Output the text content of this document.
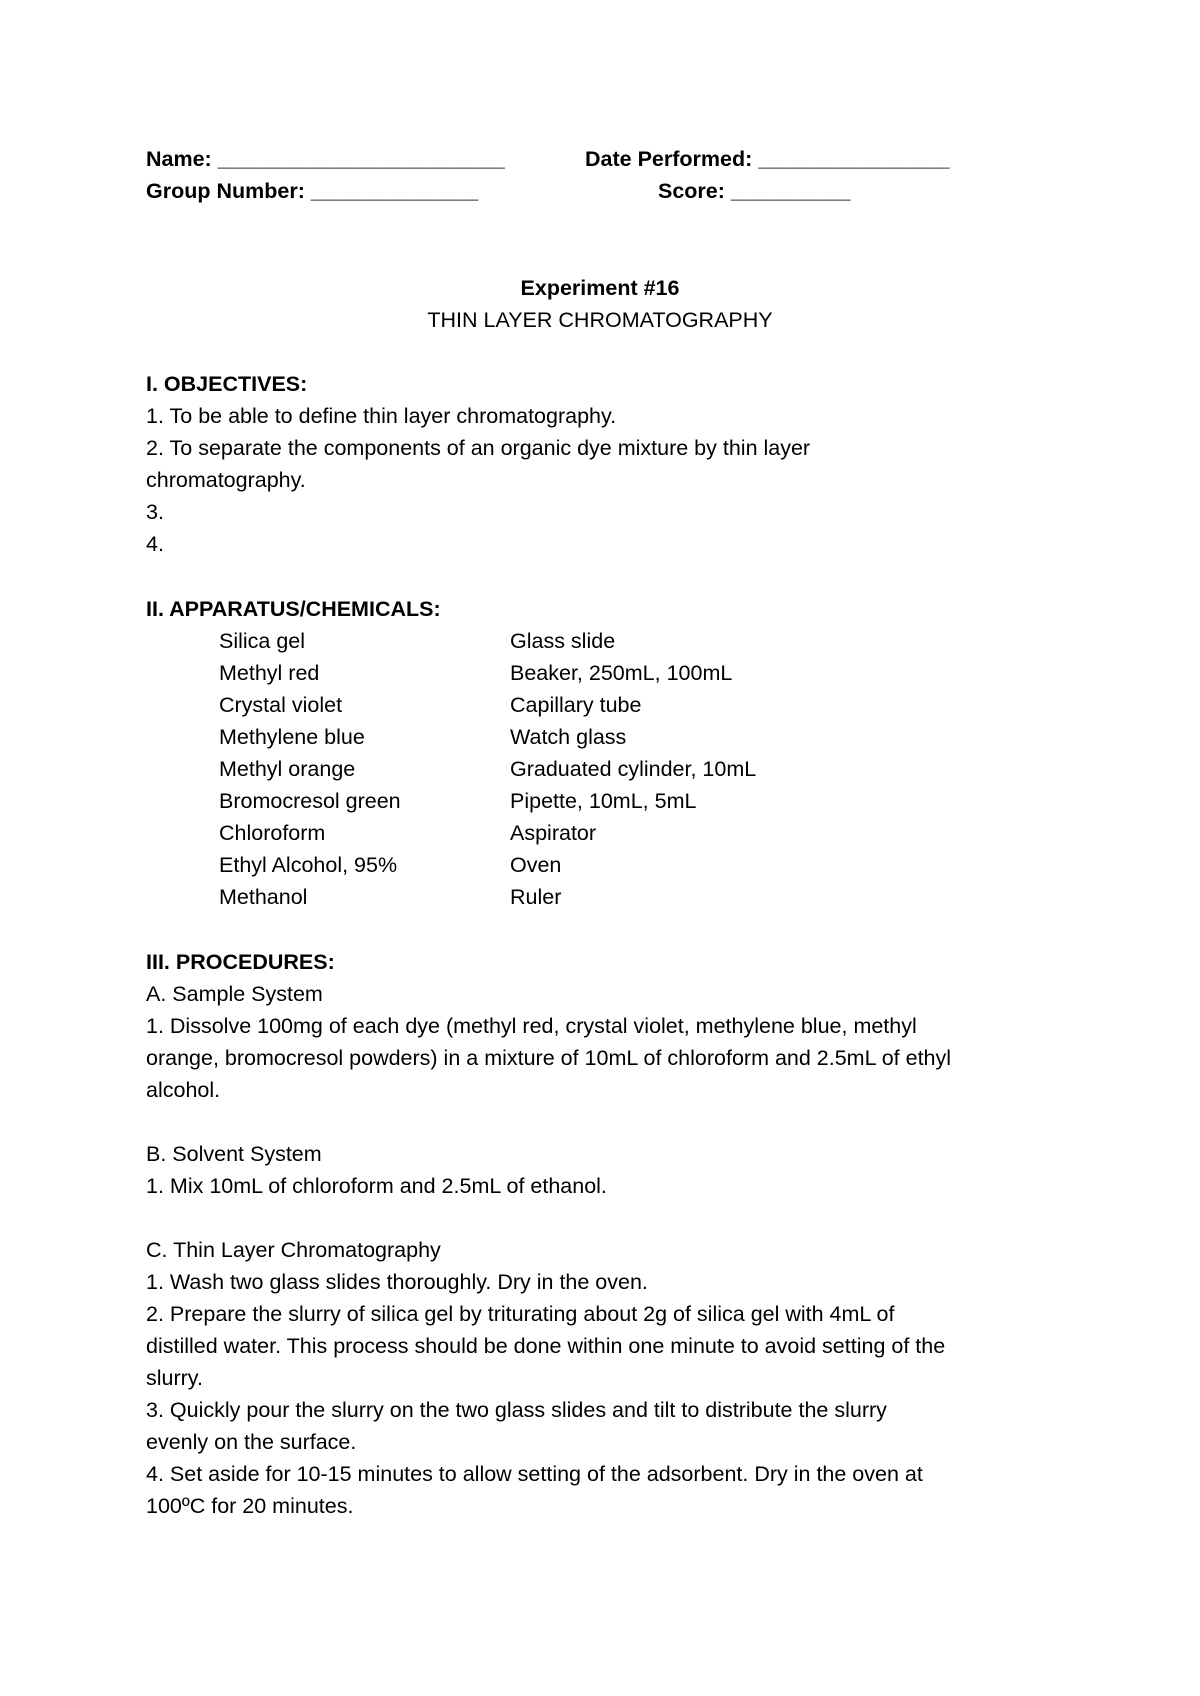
Name: ________________________	Date Performed: ________________
Group Number: ______________	Score: __________
Experiment #16
THIN LAYER CHROMATOGRAPHY
I. OBJECTIVES:
1. To be able to define thin layer chromatography.
2. To separate the components of an organic dye mixture by thin layer
chromatography.
3.
4.
II. APPARATUS/CHEMICALS:
Silica gel
Methyl red
Crystal violet
Methylene blue
Methyl orange
Bromocresol green
Chloroform
Ethyl Alcohol, 95%
Methanol
Glass slide
Beaker, 250mL, 100mL
Capillary tube
Watch glass
Graduated cylinder, 10mL
Pipette, 10mL, 5mL
Aspirator
Oven
Ruler
III. PROCEDURES:
A. Sample System
1. Dissolve 100mg of each dye (methyl red, crystal violet, methylene blue, methyl
orange, bromocresol powders) in a mixture of 10mL of chloroform and 2.5mL of ethyl
alcohol.
B. Solvent System
1. Mix 10mL of chloroform and 2.5mL of ethanol.
C. Thin Layer Chromatography
1. Wash two glass slides thoroughly. Dry in the oven.
2. Prepare the slurry of silica gel by triturating about 2g of silica gel with 4mL of
distilled water. This process should be done within one minute to avoid setting of the
slurry.
3. Quickly pour the slurry on the two glass slides and tilt to distribute the slurry
evenly on the surface.
4. Set aside for 10-15 minutes to allow setting of the adsorbent. Dry in the oven at
100ºC for 20 minutes.
